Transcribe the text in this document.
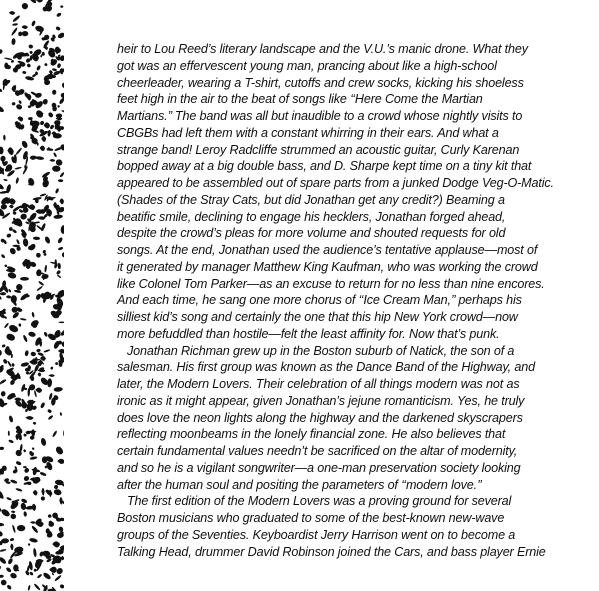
heir to Lou Reed’s literary landscape and the V.U.’s manic drone. What they
got was an effervescent young man, prancing about like a high-school
cheerleader, wearing a T-shirt, cutoffs and crew socks, kicking his shoeless
feet high in the air to the beat of songs like ‘‘Here Come the Martian
Martians.’’ The band was all but inaudible to a crowd whose nightly visits to
CBGBs had left them with a constant whirring in their ears. And what a
strange band! Leroy Radcliffe strummed an acoustic guitar, Curly Karenan
bopped away at a big double bass, and D. Sharpe kept time on a tiny kit that
appeared to be assembled out of spare parts from a junked Dodge Veg-O-Matic.
(Shades of the Stray Cats, but did Jonathan get any credit?) Beaming a
beatific smile, declining to engage his hecklers, Jonathan forged ahead,
despite the crowd’s pleas for more volume and shouted requests for old
songs. At the end, Jonathan used the audience’s tentative applause—most of
it generated by manager Matthew King Kaufman, who was working the crowd
like Colonel Tom Parker—as an excuse to return for no less than nine encores.
And each time, he sang one more chorus of ‘‘Ice Cream Man,’’ perhaps his
silliest kid’s song and certainly the one that this hip New York crowd—now
more befuddled than hostile—felt the least affinity for. Now that’s punk.
Jonathan Richman grew up in the Boston suburb of Natick, the son of a
salesman. His first group was known as the Dance Band of the Highway, and
later, the Modern Lovers. Their celebration of all things modern was not as
ironic as it might appear, given Jonathan’s jejune romanticism. Yes, he truly
does love the neon lights along the highway and the darkened skyscrapers
reflecting moonbeams in the lonely financial zone. He also believes that
certain fundamental values needn’t be sacrificed on the altar of modernity,
and so he is a vigilant songwriter—a one-man preservation society looking
after the human soul and positing the parameters of ‘‘modern love.’’
The first edition of the Modern Lovers was a proving ground for several
Boston musicians who graduated to some of the best-known new-wave
groups of the Seventies. Keyboardist Jerry Harrison went on to become a
Talking Head, drummer David Robinson joined the Cars, and bass player Ernie
